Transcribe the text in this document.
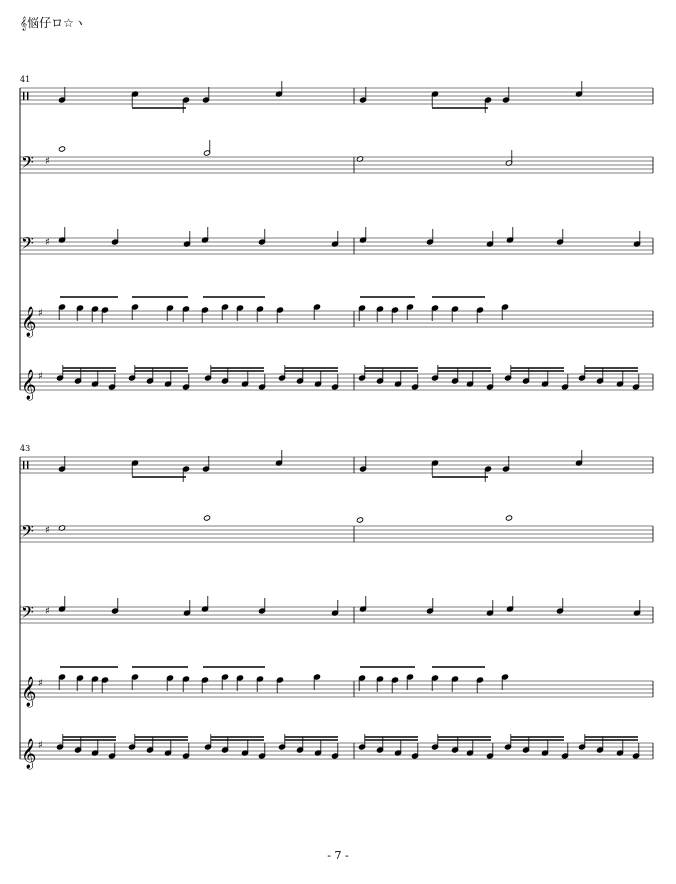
𝄞悩仔ロ☆ヽ
41
43
𝄢 ♯
𝄢 ♯
𝄞 ♯
𝄞 ♯
𝄢 ♯
𝄢 ♯
𝄞 ♯
𝄞 ♯
- 7 -
